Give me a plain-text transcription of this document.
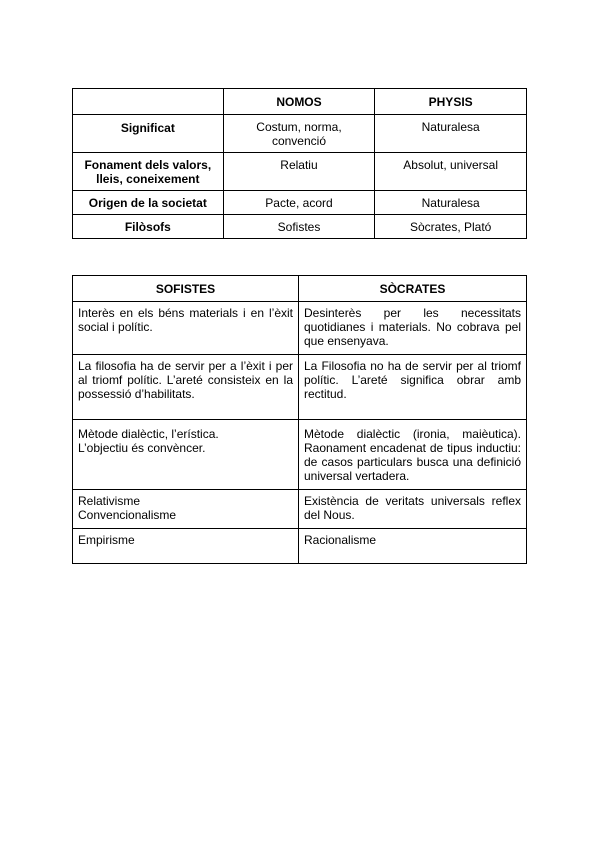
	NOMOS	PHYSIS
Significat	Costum, norma, convenció	Naturalesa
Fonament dels valors, lleis, coneixement	Relatiu	Absolut, universal
Origen de la societat	Pacte, acord	Naturalesa
Filòsofs	Sofistes	Sòcrates, Plató
SOFISTES	SÒCRATES

Interès en els béns materials i en l’èxit social i polític.	Desinterès per les necessitats quotidianes i materials. No cobrava pel que ensenyava.

La filosofia ha de servir per a l’èxit i per al triomf polític. L’areté consisteix en la possessió d’habilitats.	La Filosofia no ha de servir per al triomf polític. L’areté significa obrar amb rectitud.

Mètode dialèctic, l’erística.
L’objectiu és convèncer.	Mètode dialèctic (ironia, maièutica). Raonament encadenat de tipus inductiu: de casos particulars busca una definició universal vertadera.

Relativisme
Convencionalisme	Existència de veritats universals reflex del Nous.

Empirisme	Racionalisme
